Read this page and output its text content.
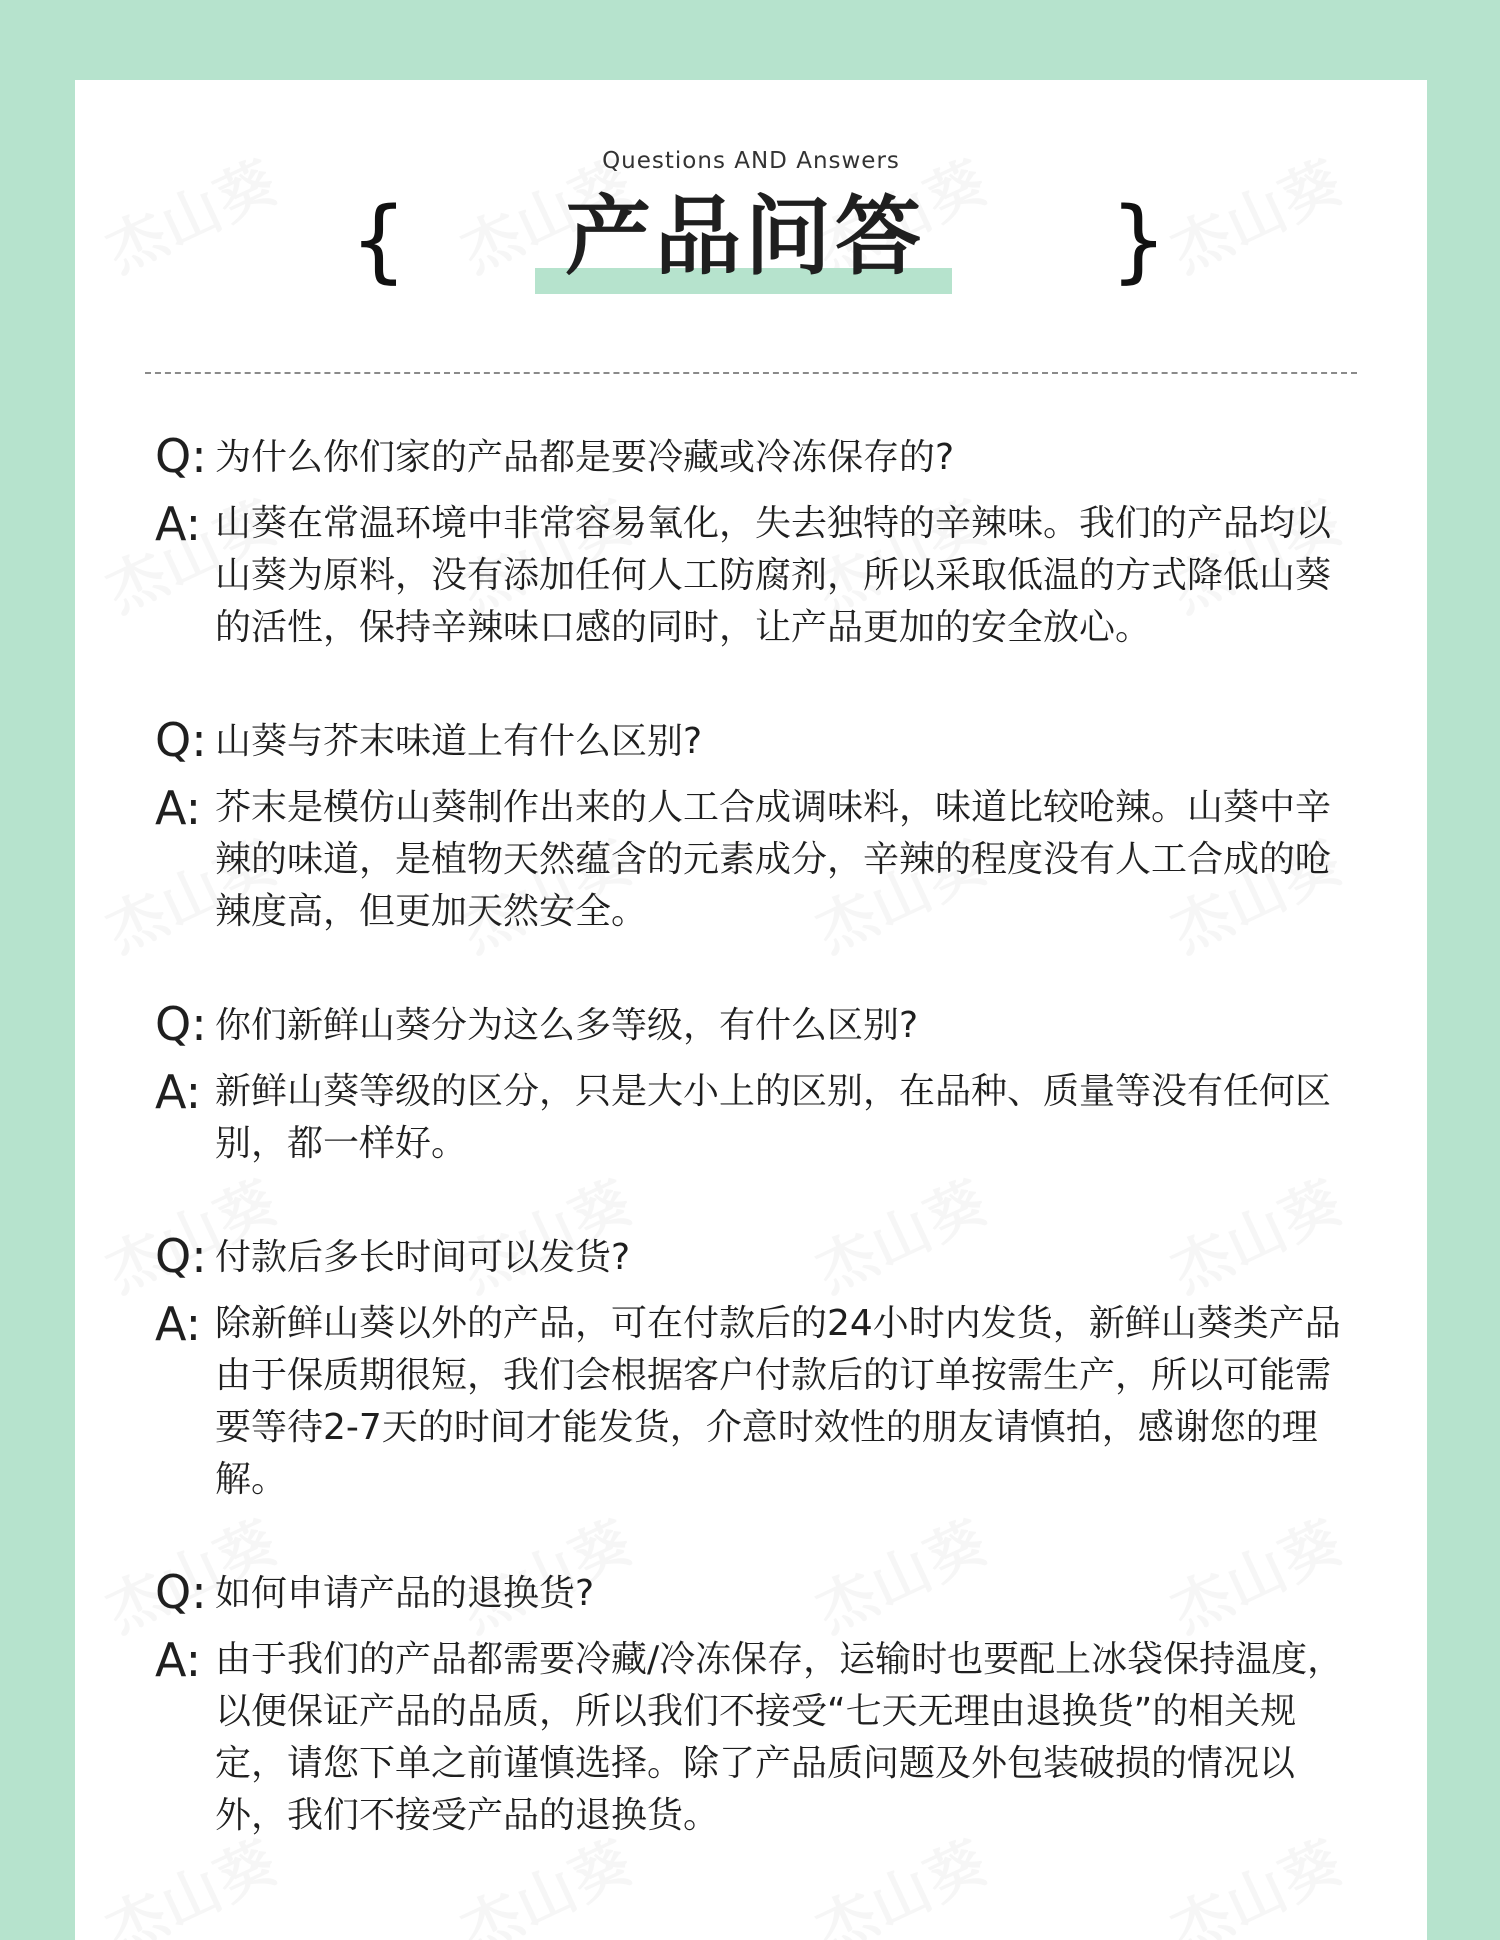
Questions AND Answers
{	产品问答	}
Q: 为什么你们家的产品都是要冷藏或冷冻保存的?
A: 山葵在常温环境中非常容易氧化，失去独特的辛辣味。我们的产品均以山葵为原料，没有添加任何人工防腐剂，所以采取低温的方式降低山葵的活性，保持辛辣味口感的同时，让产品更加的安全放心。
Q: 山葵与芥末味道上有什么区别?
A: 芥末是模仿山葵制作出来的人工合成调味料，味道比较呛辣。山葵中辛辣的味道，是植物天然蕴含的元素成分，辛辣的程度没有人工合成的呛辣度高，但更加天然安全。
Q: 你们新鲜山葵分为这么多等级，有什么区别?
A: 新鲜山葵等级的区分，只是大小上的区别，在品种、质量等没有任何区别，都一样好。
Q: 付款后多长时间可以发货?
A: 除新鲜山葵以外的产品，可在付款后的24小时内发货，新鲜山葵类产品由于保质期很短，我们会根据客户付款后的订单按需生产，所以可能需要等待2-7天的时间才能发货，介意时效性的朋友请慎拍，感谢您的理解。
Q: 如何申请产品的退换货?
A: 由于我们的产品都需要冷藏/冷冻保存，运输时也要配上冰袋保持温度，以便保证产品的品质，所以我们不接受“七天无理由退换货”的相关规定，请您下单之前谨慎选择。除了产品质问题及外包装破损的情况以外，我们不接受产品的退换货。
